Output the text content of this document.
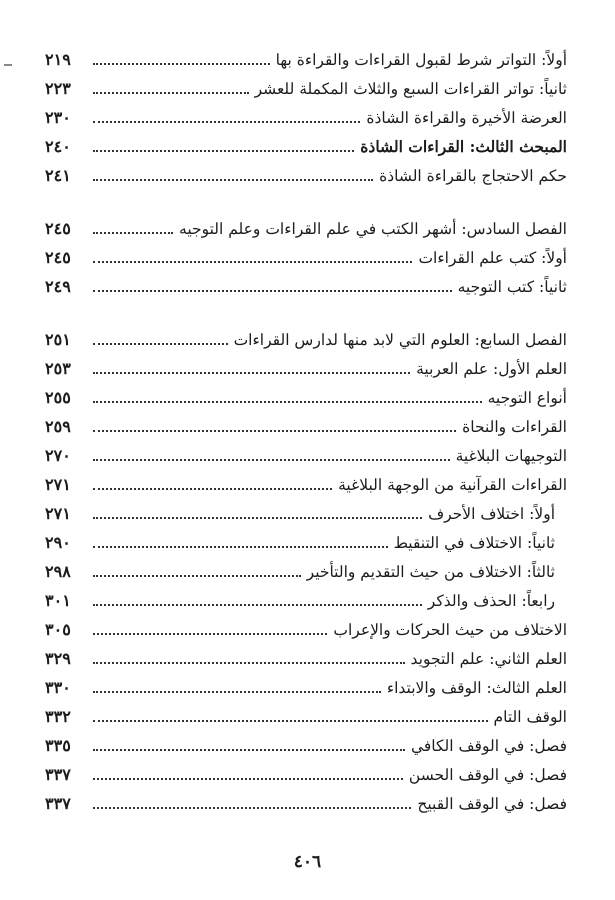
أولاً: التواتر شرط لقبول القراءات والقراءة بها
٢١٩
ثانياً: تواتر القراءات السبع والثلاث المكملة للعشر
٢٢٣
العرضة الأخيرة والقراءة الشاذة
٢٣٠
المبحث الثالث: القراءات الشاذة
٢٤٠
حكم الاحتجاج بالقراءة الشاذة
٢٤١
الفصل السادس: أشهر الكتب في علم القراءات وعلم التوجيه
٢٤٥
أولاً: كتب علم القراءات
٢٤٥
ثانياً: كتب التوجيه
٢٤٩
الفصل السابع: العلوم التي لابد منها لدارس القراءات
٢٥١
العلم الأول: علم العربية
٢٥٣
أنواع التوجيه
٢٥٥
القراءات والنحاة
٢٥٩
التوجيهات البلاغية
٢٧٠
القراءات القرآنية من الوجهة البلاغية
٢٧١
أولاً: اختلاف الأحرف
٢٧١
ثانياً: الاختلاف في التنقيط
٢٩٠
ثالثاً: الاختلاف من حيث التقديم والتأخير
٢٩٨
رابعاً: الحذف والذكر
٣٠١
الاختلاف من حيث الحركات والإعراب
٣٠٥
العلم الثاني: علم التجويد
٣٢٩
العلم الثالث: الوقف والابتداء
٣٣٠
الوقف التام
٣٣٢
فصل: في الوقف الكافي
٣٣٥
فصل: في الوقف الحسن
٣٣٧
فصل: في الوقف القبيح
٣٣٧
٤٠٦
